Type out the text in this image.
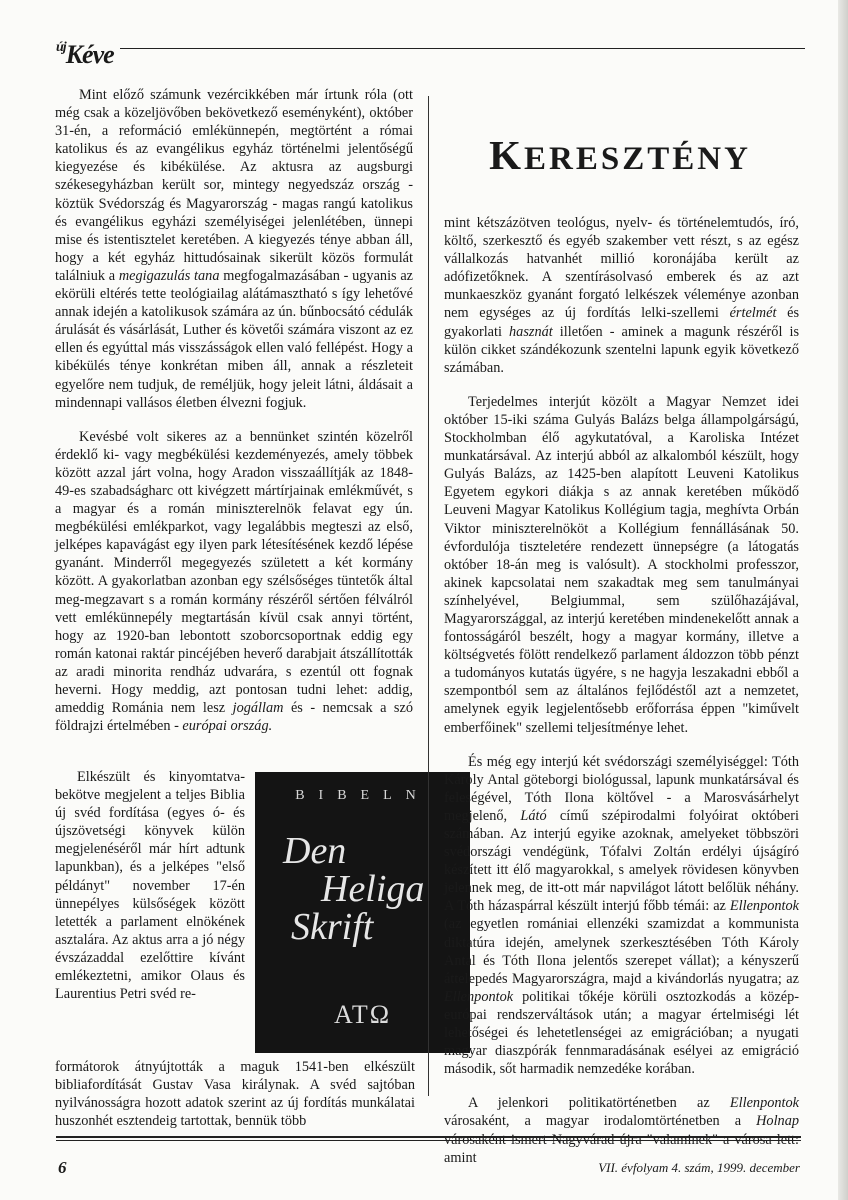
$^{új}$Kéve

Mint előző számunk vezércikkében már írtunk róla (ott még csak a közeljövőben bekövetkező eseményként), október 31-én, a reformáció emlékünnepén, megtörtént a római katolikus és az evangélikus egyház történelmi jelentőségű kiegyezése és kibékülése. Az aktusra az augsburgi székesegyházban került sor, mintegy negyedszáz ország - köztük Svédország és Magyarország - magas rangú katolikus és evangélikus egyházi személyiségei jelenlétében, ünnepi mise és istentisztelet keretében. A kiegyezés ténye abban áll, hogy a két egyház hittudósainak sikerült közös formulát találniuk a megigazulás tana megfogalmazásában - ugyanis az ekörüli eltérés tette teológiailag alátámasztható s így lehetővé annak idején a katolikusok számára az ún. bűnbocsátó cédulák árulását és vásárlását, Luther és követői számára viszont az ez ellen és egyúttal más visszásságok ellen való fellépést. Hogy a kibékülés ténye konkrétan miben áll, annak a részleteit egyelőre nem tudjuk, de reméljük, hogy jeleit látni, áldásait a mindennapi vallásos életben élvezni fogjuk.

Kevésbé volt sikeres az a bennünket szintén közelről érdeklő ki- vagy megbékülési kezdeményezés, amely többek között azzal járt volna, hogy Aradon visszaállítják az 1848-49-es szabadságharc ott kivégzett mártírjainak emlékművét, s a magyar és a román miniszterelnök felavat egy ún. megbékülési emlékparkot, vagy legalábbis megteszi az első, jelképes kapavágást egy ilyen park létesítésének kezdő lépése gyanánt. Minderről megegyezés született a két kormány között. A gyakorlatban azonban egy szélsőséges tüntetők által meg-megzavart s a román kormány részéről sértően félválról vett emlékünnepély megtartásán kívül csak annyi történt, hogy az 1920-ban lebontott szoborcsoportnak eddig egy román katonai raktár pincéjében heverő darabjait átszállították az aradi minorita rendház udvarára, s ezentúl ott fognak heverni. Hogy meddig, azt pontosan tudni lehet: addig, ameddig Románia nem lesz jogállam és - nemcsak a szó földrajzi értelmében - európai ország.

Elkészült és kinyomtatva-bekötve megjelent a teljes Biblia új svéd fordítása (egyes ó- és újszövetségi könyvek külön megjelenéséről már hírt adtunk lapunkban), és a jelképes "első példányt" november 17-én ünnepélyes külsőségek között letették a parlament elnökének asztalára. Az aktus arra a jó négy évszázaddal ezelőttire kívánt emlékeztetni, amikor Olaus és Laurentius Petri svéd re-

BIBELN
Den
Heliga
Skrift
ATΩ
formátorok átnyújtották a maguk 1541-ben elkészült bibliafordítását Gustav Vasa királynak. A svéd sajtóban nyilvánosságra hozott adatok szerint az új fordítás munkálatai huszonhét esztendeig tartottak, bennük több
KERESZTÉNY

mint kétszázötven teológus, nyelv- és történelemtudós, író, költő, szerkesztő és egyéb szakember vett részt, s az egész vállalkozás hatvanhét millió koronájába került az adófizetőknek. A szentírásolvasó emberek és az azt munkaeszköz gyanánt forgató lelkészek véleménye azonban nem egységes az új fordítás lelki-szellemi értelmét és gyakorlati hasznát illetően - aminek a magunk részéről is külön cikket szándékozunk szentelni lapunk egyik következő számában.

Terjedelmes interjút közölt a Magyar Nemzet idei október 15-iki száma Gulyás Balázs belga állampolgárságú, Stockholmban élő agykutatóval, a Karoliska Intézet munkatársával. Az interjú abból az alkalomból készült, hogy Gulyás Balázs, az 1425-ben alapított Leuveni Katolikus Egyetem egykori diákja s az annak keretében működő Leuveni Magyar Katolikus Kollégium tagja, meghívta Orbán Viktor miniszterelnököt a Kollégium fennállásának 50. évfordulója tiszteletére rendezett ünnepségre (a látogatás október 18-án meg is valósult). A stockholmi professzor, akinek kapcsolatai nem szakadtak meg sem tanulmányai színhelyével, Belgiummal, sem szülőhazájával, Magyarországgal, az interjú keretében mindenekelőtt annak a fontosságáról beszélt, hogy a magyar kormány, illetve a költségvetés fölött rendelkező parlament áldozzon több pénzt a tudományos kutatás ügyére, s ne hagyja leszakadni ebből a szempontból sem az általános fejlődéstől azt a nemzetet, amelynek egyik legjelentősebb erőforrása éppen "kiművelt emberfőinek" szellemi teljesítménye lehet.

És még egy interjú két svédországi személyiséggel: Tóth Károly Antal göteborgi biológussal, lapunk munkatársával és feleségével, Tóth Ilona költővel - a Marosvásárhelyt megjelenő, Látó című szépirodalmi folyóirat októberi számában. Az interjú egyike azoknak, amelyeket többszöri svédországi vendégünk, Tófalvi Zoltán erdélyi újságíró készített itt élő magyarokkal, s amelyek rövidesen könyvben jelennek meg, de itt-ott már napvilágot látott belőlük néhány. A Tóth házaspárral készült interjú főbb témái: az Ellenpontok (az egyetlen romániai ellenzéki szamizdat a kommunista diktatúra idején, amelynek szerkesztésében Tóth Károly Antal és Tóth Ilona jelentős szerepet vállat); a kényszerű áttelepedés Magyarországra, majd a kivándorlás nyugatra; az Ellenpontok politikai tőkéje körüli osztozkodás a közép-európai rendszerváltások után; a magyar értelmiségi lét lehetőségei és lehetetlenségei az emigrációban; a nyugati magyar diaszpórák fennmaradásának esélyei az emigráció második, sőt harmadik nemzedéke korában.

A jelenkori politikatörténetben az Ellenpontok városaként, a magyar irodalomtörténetben a Holnap városaként ismert Nagyvárad újra "valaminek" a városa lett: amint

6	VII. évfolyam 4. szám, 1999. december
